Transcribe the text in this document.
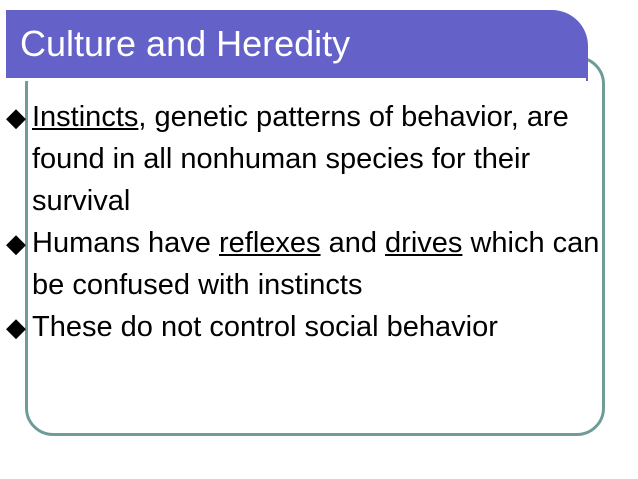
Culture and Heredity
◆ Instincts, genetic patterns of behavior, are found in all nonhuman species for their survival
◆ Humans have reflexes and drives which can be confused with instincts
◆ These do not control social behavior
